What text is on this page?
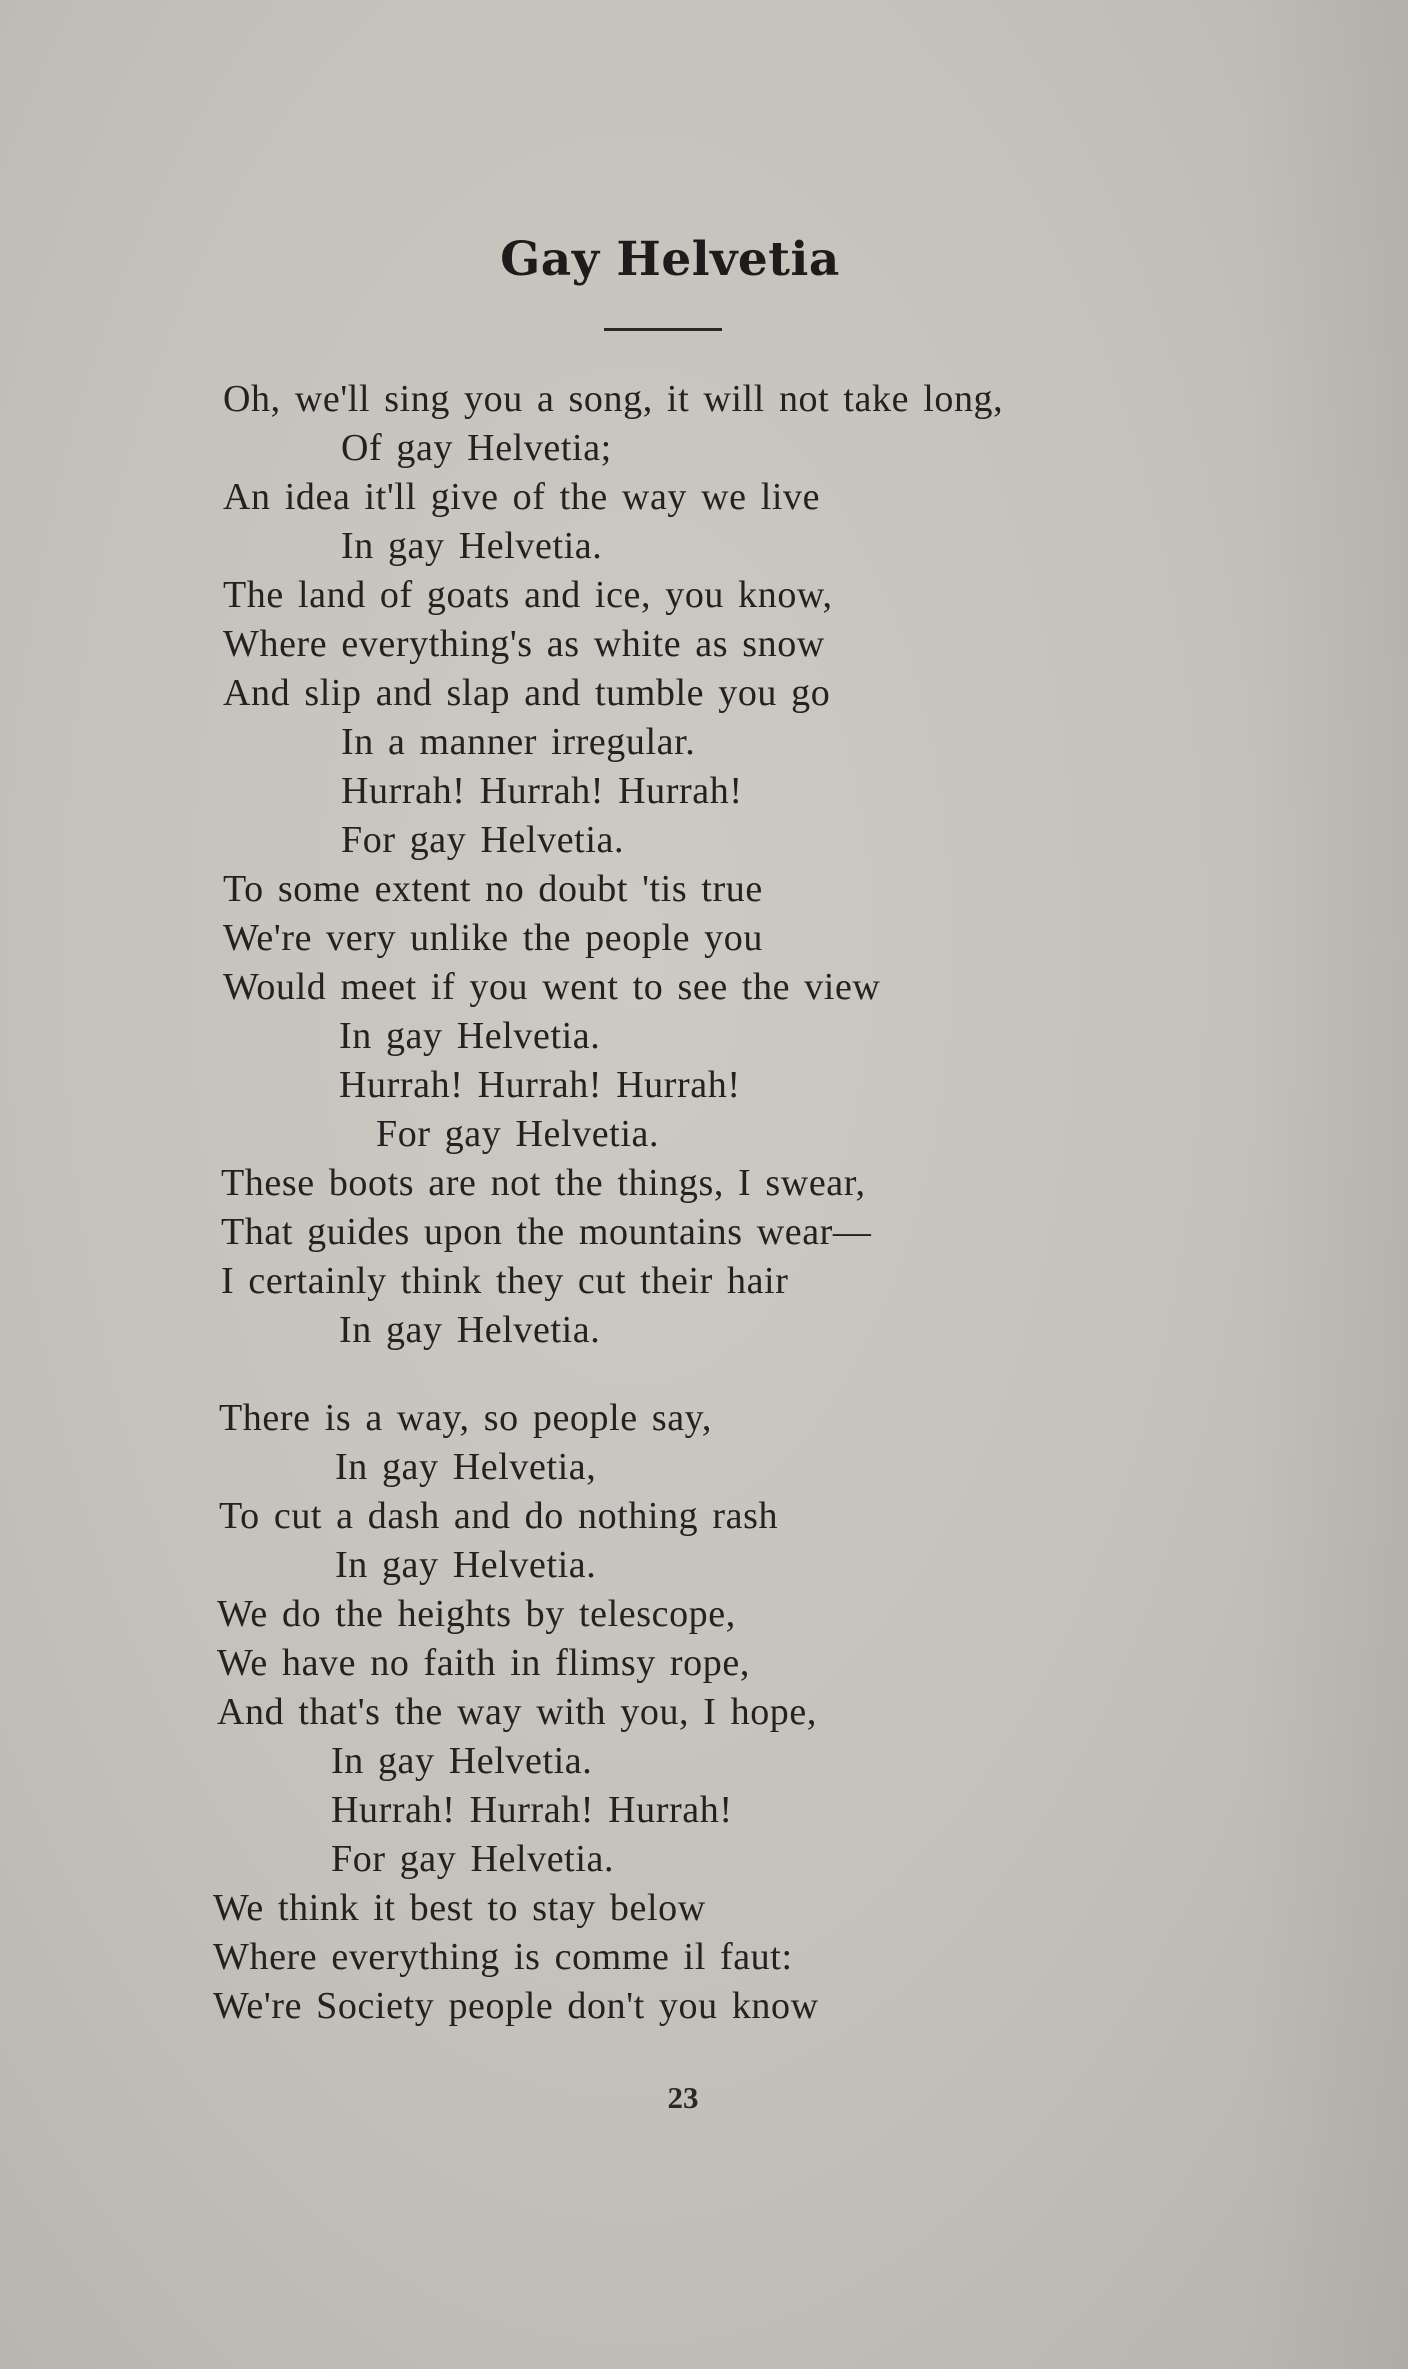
Gay Helvetia
Oh, we'll sing you a song, it will not take long,
Of gay Helvetia;
An idea it'll give of the way we live
In gay Helvetia.
The land of goats and ice, you know,
Where everything's as white as snow
And slip and slap and tumble you go
In a manner irregular.
Hurrah! Hurrah! Hurrah!
For gay Helvetia.
To some extent no doubt 'tis true
We're very unlike the people you
Would meet if you went to see the view
In gay Helvetia.
Hurrah! Hurrah! Hurrah!
For gay Helvetia.
These boots are not the things, I swear,
That guides upon the mountains wear—
I certainly think they cut their hair
In gay Helvetia.
There is a way, so people say,
In gay Helvetia,
To cut a dash and do nothing rash
In gay Helvetia.
We do the heights by telescope,
We have no faith in flimsy rope,
And that's the way with you, I hope,
In gay Helvetia.
Hurrah! Hurrah! Hurrah!
For gay Helvetia.
We think it best to stay below
Where everything is comme il faut:
We're Society people don't you know
23
